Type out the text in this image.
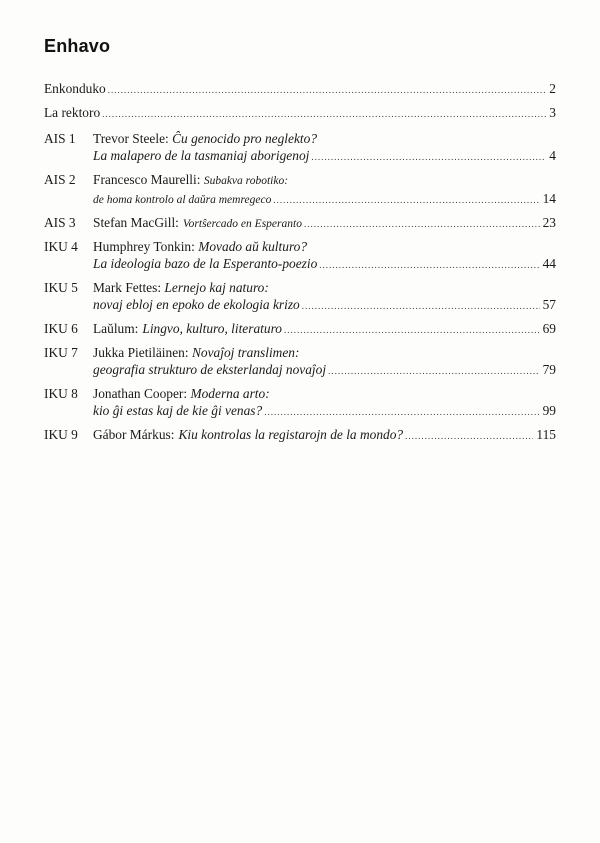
Enhavo
Enkonduko .....	2
La rektoro .....	3
AIS 1	Trevor Steele: Ĉu genocido pro neglekto?
La malapero de la tasmaniaj aborigenoj .....	4
AIS 2	Francesco Maurelli: Subakva robotiko:
de homa kontrolo al daŭra memregeco .....	14
AIS 3	Stefan MacGill: Vortŝercado en Esperanto .....	23
IKU 4	Humphrey Tonkin: Movado aŭ kulturo?
La ideologia bazo de la Esperanto-poezio .....	44
IKU 5	Mark Fettes: Lernejo kaj naturo:
novaj ebloj en epoko de ekologia krizo .....	57
IKU 6	Laŭlum: Lingvo, kulturo, literaturo .....	69
IKU 7	Jukka Pietiläinen: Novaĵoj translimen:
geografia strukturo de eksterlandaj novaĵoj .....	79
IKU 8	Jonathan Cooper: Moderna arto:
kio ĝi estas kaj de kie ĝi venas? .....	99
IKU 9	Gábor Márkus: Kiu kontrolas la registarojn de la mondo? .....	115
